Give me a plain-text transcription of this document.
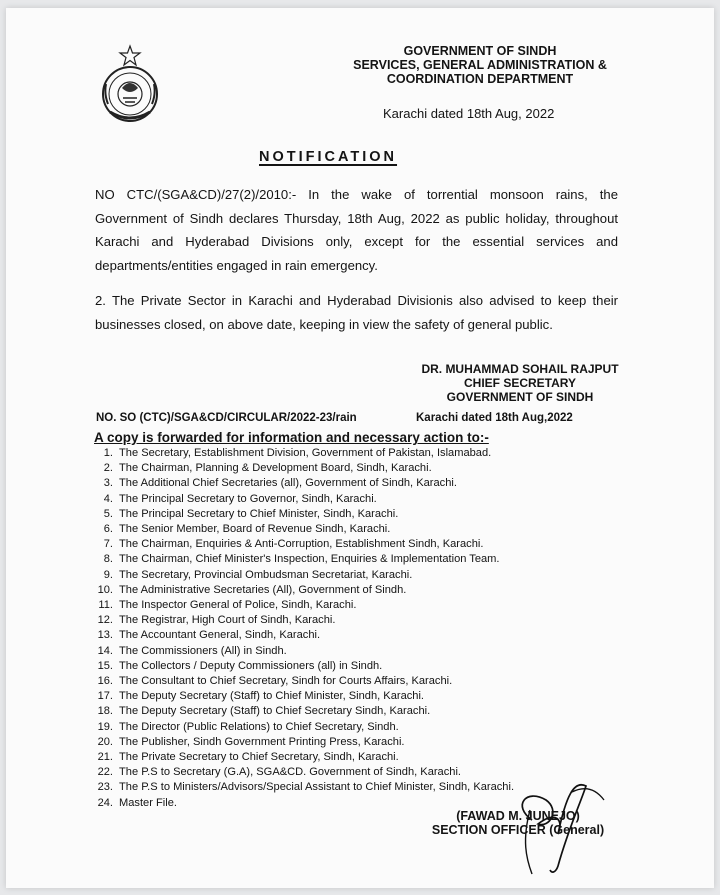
GOVERNMENT OF SINDH
SERVICES, GENERAL ADMINISTRATION &
COORDINATION DEPARTMENT
Karachi dated 18th Aug, 2022
NOTIFICATION
NO CTC/(SGA&CD)/27(2)/2010:- In the wake of torrential monsoon rains, the Government of Sindh declares Thursday, 18th Aug, 2022 as public holiday, throughout Karachi and Hyderabad Divisions only, except for the essential services and departments/entities engaged in rain emergency.
2. The Private Sector in Karachi and Hyderabad Divisionis also advised to keep their businesses closed, on above date, keeping in view the safety of general public.
DR. MUHAMMAD SOHAIL RAJPUT
CHIEF SECRETARY
GOVERNMENT OF SINDH
NO. SO (CTC)/SGA&CD/CIRCULAR/2022-23/rain	Karachi dated 18th Aug,2022
A copy is forwarded for information and necessary action to:-
1. The Secretary, Establishment Division, Government of Pakistan, Islamabad.
2. The Chairman, Planning & Development Board, Sindh, Karachi.
3. The Additional Chief Secretaries (all), Government of Sindh, Karachi.
4. The Principal Secretary to Governor, Sindh, Karachi.
5. The Principal Secretary to Chief Minister, Sindh, Karachi.
6. The Senior Member, Board of Revenue Sindh, Karachi.
7. The Chairman, Enquiries & Anti-Corruption, Establishment Sindh, Karachi.
8. The Chairman, Chief Minister's Inspection, Enquiries & Implementation Team.
9. The Secretary, Provincial Ombudsman Secretariat, Karachi.
10. The Administrative Secretaries (All), Government of Sindh.
11. The Inspector General of Police, Sindh, Karachi.
12. The Registrar, High Court of Sindh, Karachi.
13. The Accountant General, Sindh, Karachi.
14. The Commissioners (All) in Sindh.
15. The Collectors / Deputy Commissioners (all) in Sindh.
16. The Consultant to Chief Secretary, Sindh for Courts Affairs, Karachi.
17. The Deputy Secretary (Staff) to Chief Minister, Sindh, Karachi.
18. The Deputy Secretary (Staff) to Chief Secretary Sindh, Karachi.
19. The Director (Public Relations) to Chief Secretary, Sindh.
20. The Publisher, Sindh Government Printing Press, Karachi.
21. The Private Secretary to Chief Secretary, Sindh, Karachi.
22. The P.S to Secretary (G.A), SGA&CD. Government of Sindh, Karachi.
23. The P.S to Ministers/Advisors/Special Assistant to Chief Minister, Sindh, Karachi.
24. Master File.
(FAWAD M. JUNEJO)
SECTION OFFICER (General)
